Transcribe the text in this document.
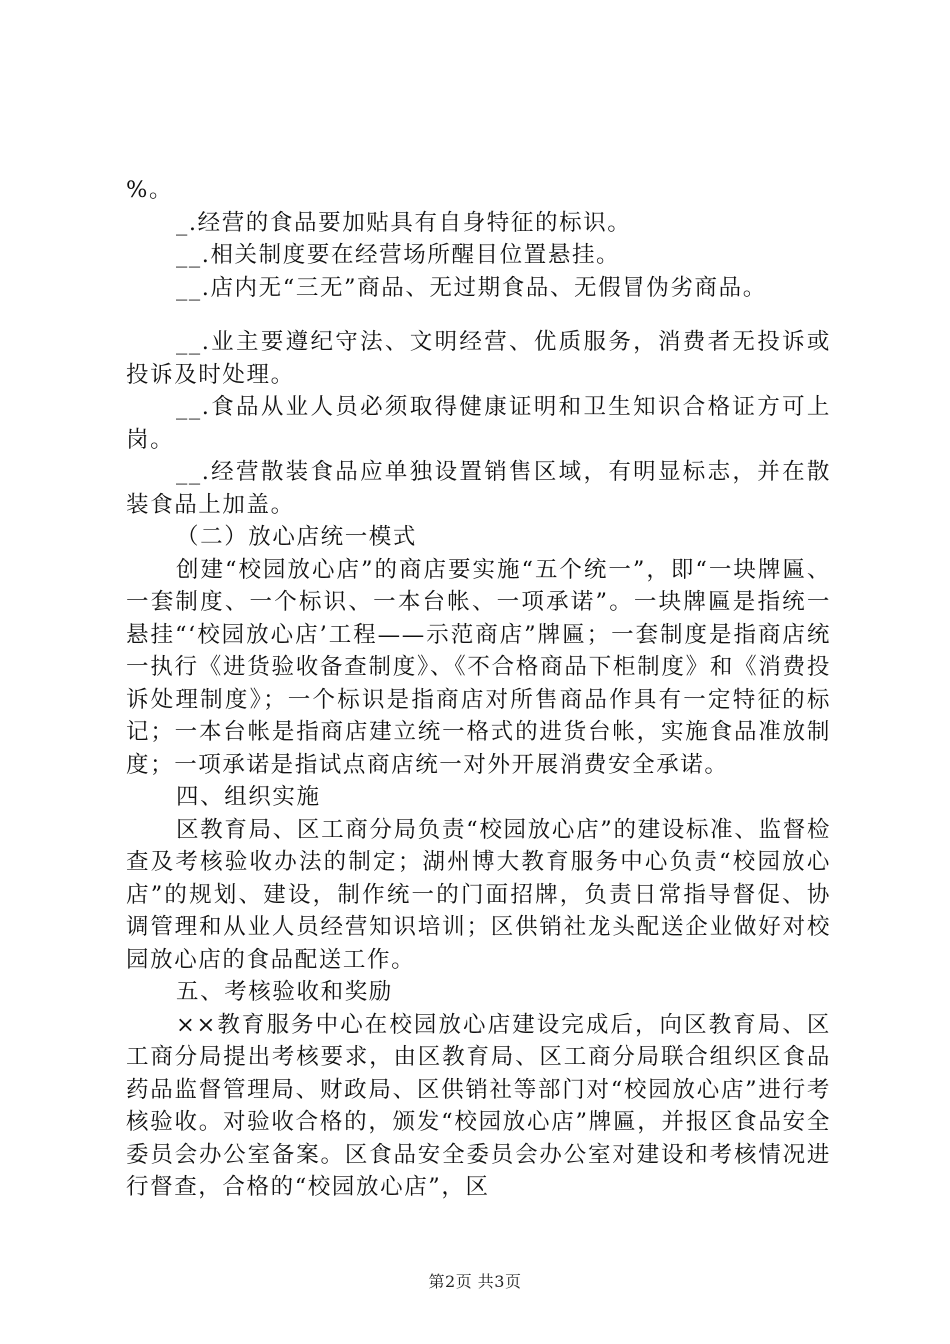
%。

_.经营的食品要加贴具有自身特征的标识。

__.相关制度要在经营场所醒目位置悬挂。

__.店内无“三无”商品、无过期食品、无假冒伪劣商品。

__.业主要遵纪守法、文明经营、优质服务，消费者无投诉或投诉及时处理。

__.食品从业人员必须取得健康证明和卫生知识合格证方可上岗。

__.经营散装食品应单独设置销售区域，有明显标志，并在散装食品上加盖。

（二）放心店统一模式

创建“校园放心店”的商店要实施“五个统一”，即“一块牌匾、一套制度、一个标识、一本台帐、一项承诺”。一块牌匾是指统一悬挂“‘校园放心店’工程——示范商店”牌匾；一套制度是指商店统一执行《进货验收备查制度》、《不合格商品下柜制度》和《消费投诉处理制度》；一个标识是指商店对所售商品作具有一定特征的标记；一本台帐是指商店建立统一格式的进货台帐，实施食品准放制度；一项承诺是指试点商店统一对外开展消费安全承诺。

四、组织实施

区教育局、区工商分局负责“校园放心店”的建设标准、监督检查及考核验收办法的制定；湖州博大教育服务中心负责“校园放心店”的规划、建设，制作统一的门面招牌，负责日常指导督促、协调管理和从业人员经营知识培训；区供销社龙头配送企业做好对校园放心店的食品配送工作。

五、考核验收和奖励

××教育服务中心在校园放心店建设完成后，向区教育局、区工商分局提出考核要求，由区教育局、区工商分局联合组织区食品药品监督管理局、财政局、区供销社等部门对“校园放心店”进行考核验收。对验收合格的，颁发“校园放心店”牌匾，并报区食品安全委员会办公室备案。区食品安全委员会办公室对建设和考核情况进行督查，合格的“校园放心店”，区

第2页 共3页
